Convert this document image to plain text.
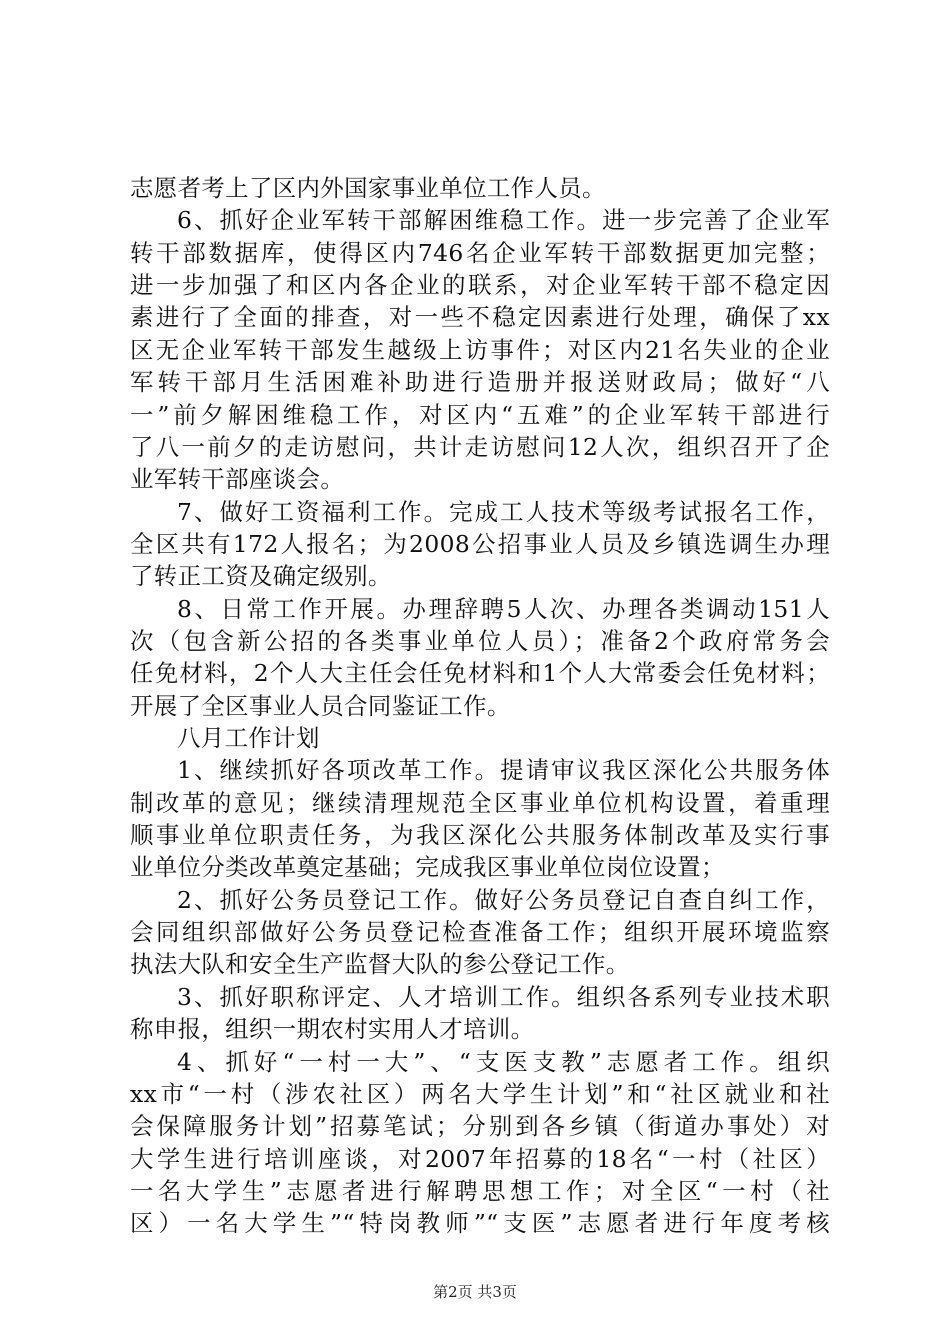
志愿者考上了区内外国家事业单位工作人员。
6、抓好企业军转干部解困维稳工作。进一步完善了企业军
转干部数据库，使得区内746名企业军转干部数据更加完整；
进一步加强了和区内各企业的联系，对企业军转干部不稳定因
素进行了全面的排查，对一些不稳定因素进行处理，确保了xx
区无企业军转干部发生越级上访事件；对区内21名失业的企业
军转干部月生活困难补助进行造册并报送财政局；做好“八
一”前夕解困维稳工作，对区内“五难”的企业军转干部进行
了八一前夕的走访慰问，共计走访慰问12人次，组织召开了企
业军转干部座谈会。
7、做好工资福利工作。完成工人技术等级考试报名工作，
全区共有172人报名；为2008公招事业人员及乡镇选调生办理
了转正工资及确定级别。
8、日常工作开展。办理辞聘5人次、办理各类调动151人
次（包含新公招的各类事业单位人员）；准备2个政府常务会
任免材料，2个人大主任会任免材料和1个人大常委会任免材料；
开展了全区事业人员合同鉴证工作。
八月工作计划
1、继续抓好各项改革工作。提请审议我区深化公共服务体
制改革的意见；继续清理规范全区事业单位机构设置，着重理
顺事业单位职责任务，为我区深化公共服务体制改革及实行事
业单位分类改革奠定基础；完成我区事业单位岗位设置；
2、抓好公务员登记工作。做好公务员登记自查自纠工作，
会同组织部做好公务员登记检查准备工作；组织开展环境监察
执法大队和安全生产监督大队的参公登记工作。
3、抓好职称评定、人才培训工作。组织各系列专业技术职
称申报，组织一期农村实用人才培训。
4、抓好“一村一大”、“支医支教”志愿者工作。组织
xx市“一村（涉农社区）两名大学生计划”和“社区就业和社
会保障服务计划”招募笔试；分别到各乡镇（街道办事处）对
大学生进行培训座谈，对2007年招募的18名“一村（社区）
一名大学生”志愿者进行解聘思想工作；对全区“一村（社
区）一名大学生”“特岗教师”“支医”志愿者进行年度考核
第2页 共3页
